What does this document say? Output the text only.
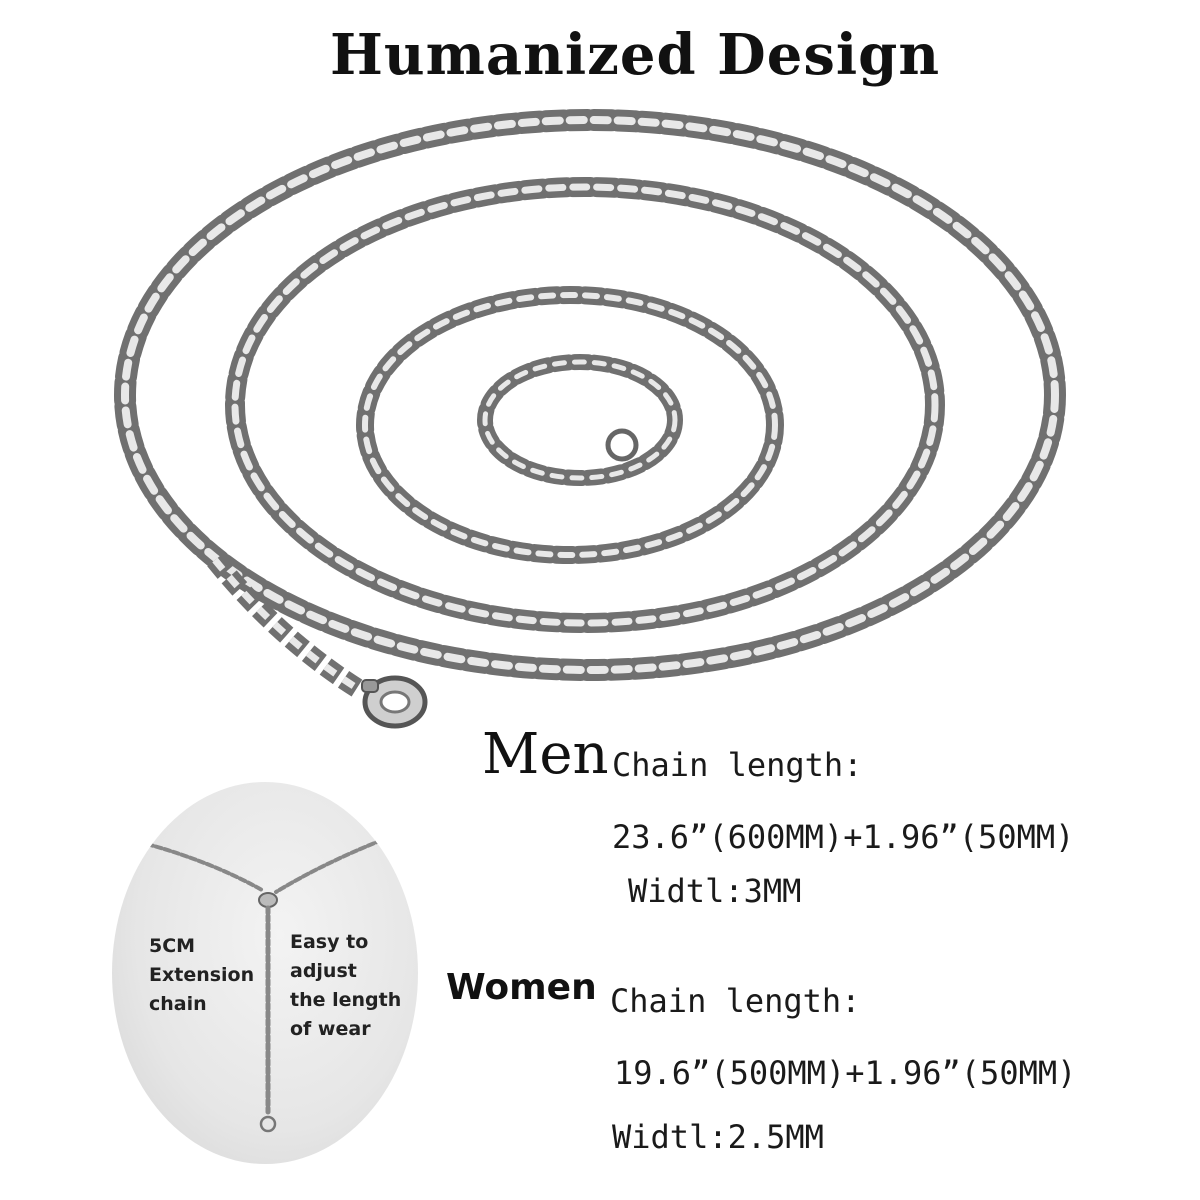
Humanized Design
Men Chain length:
23.6”(600MM)+1.96”(50MM)
Widtl:3MM
Women Chain length:
19.6”(500MM)+1.96”(50MM)
Widtl:2.5MM
5CM
Extension
chain
Easy to
adjust
the length
of wear
